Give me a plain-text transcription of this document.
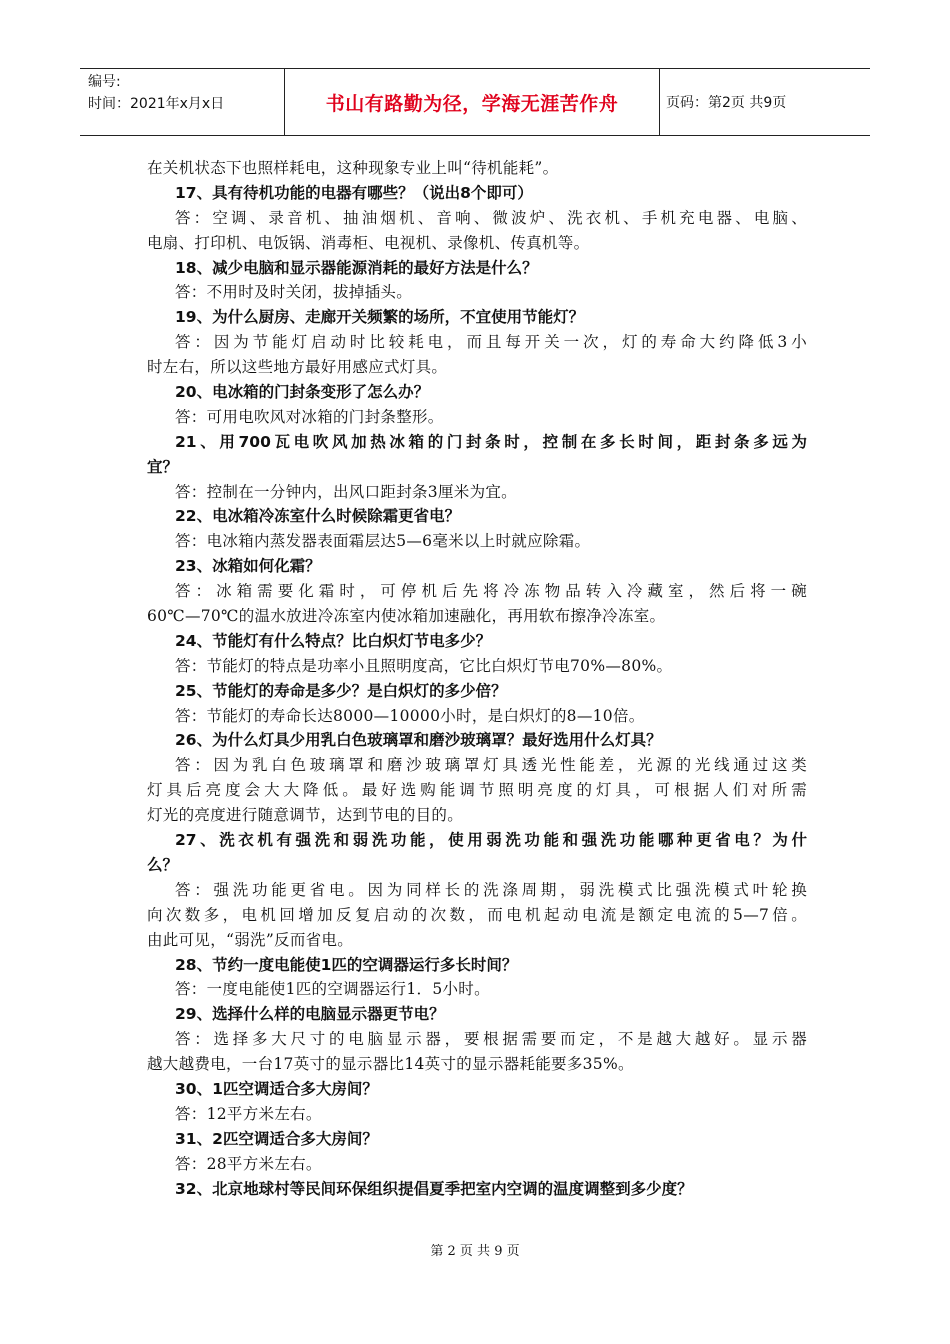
编号:
时间：2021年x月x日	书山有路勤为径，学海无涯苦作舟	页码：第2页 共9页
在关机状态下也照样耗电，这种现象专业上叫“待机能耗”。
17、具有待机功能的电器有哪些？（说出8个即可）
答：空调、录音机、抽油烟机、音响、微波炉、洗衣机、手机充电器、电脑、
电扇、打印机、电饭锅、消毒柜、电视机、录像机、传真机等。
18、减少电脑和显示器能源消耗的最好方法是什么？
答：不用时及时关闭，拔掉插头。
19、为什么厨房、走廊开关频繁的场所，不宜使用节能灯？
答：因为节能灯启动时比较耗电，而且每开关一次，灯的寿命大约降低3小
时左右，所以这些地方最好用感应式灯具。
20、电冰箱的门封条变形了怎么办？
答：可用电吹风对冰箱的门封条整形。
21、用700瓦电吹风加热冰箱的门封条时，控制在多长时间，距封条多远为
宜？
答：控制在一分钟内，出风口距封条3厘米为宜。
22、电冰箱冷冻室什么时候除霜更省电？
答：电冰箱内蒸发器表面霜层达5—6毫米以上时就应除霜。
23、冰箱如何化霜？
答：冰箱需要化霜时，可停机后先将冷冻物品转入冷藏室，然后将一碗
60℃—70℃的温水放进冷冻室内使冰箱加速融化，再用软布擦净冷冻室。
24、节能灯有什么特点？比白炽灯节电多少？
答：节能灯的特点是功率小且照明度高，它比白炽灯节电70%—80%。
25、节能灯的寿命是多少？是白炽灯的多少倍？
答：节能灯的寿命长达8000—10000小时，是白炽灯的8—10倍。
26、为什么灯具少用乳白色玻璃罩和磨沙玻璃罩？最好选用什么灯具？
答：因为乳白色玻璃罩和磨沙玻璃罩灯具透光性能差，光源的光线通过这类
灯具后亮度会大大降低。最好选购能调节照明亮度的灯具，可根据人们对所需
灯光的亮度进行随意调节，达到节电的目的。
27、洗衣机有强洗和弱洗功能，使用弱洗功能和强洗功能哪种更省电？为什
么？
答：强洗功能更省电。因为同样长的洗涤周期，弱洗模式比强洗模式叶轮换
向次数多，电机回增加反复启动的次数，而电机起动电流是额定电流的5—7倍。
由此可见，“弱洗”反而省电。
28、节约一度电能使1匹的空调器运行多长时间？
答：一度电能使1匹的空调器运行1．5小时。
29、选择什么样的电脑显示器更节电？
答：选择多大尺寸的电脑显示器，要根据需要而定，不是越大越好。显示器
越大越费电，一台17英寸的显示器比14英寸的显示器耗能要多35%。
30、1匹空调适合多大房间？
答：12平方米左右。
31、2匹空调适合多大房间？
答：28平方米左右。
32、北京地球村等民间环保组织提倡夏季把室内空调的温度调整到多少度？
第 2 页 共 9 页
